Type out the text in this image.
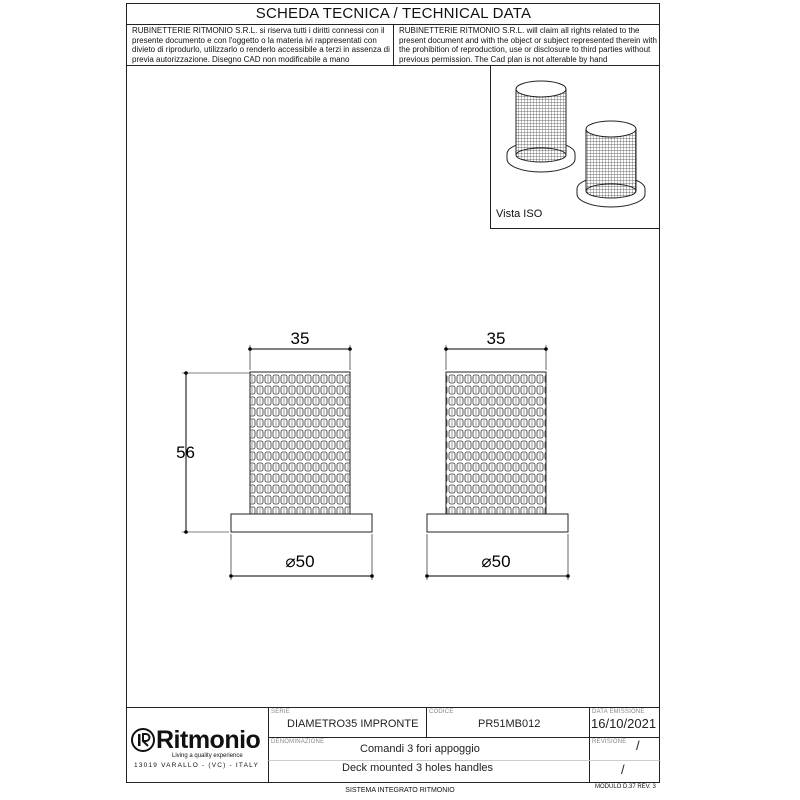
SCHEDA TECNICA / TECHNICAL DATA
RUBINETTERIE RITMONIO S.R.L. si riserva tutti i diritti connessi con il presente documento e con l'oggetto o la materia ivi rappresentati con divieto di riprodurlo, utilizzarlo o renderlo accessibile a terzi in assenza di previa autorizzazione. Disegno CAD non modificabile a mano
RUBINETTERIE RITMONIO S.R.L. will claim all rights related to the present document and with the object or subject represented therein with the prohibition of reproduction, use or disclosure to third parties without previous permission. The Cad plan is not alterable by hand
Vista ISO
35	35
56
⌀50	⌀50
Ritmonio
Living a quality experience
13019 VARALLO - (VC) - ITALY
SERIE
DIAMETRO35 IMPRONTE
CODICE
PR51MB012
DATA EMISSIONE
16/10/2021
DENOMINAZIONE
Comandi 3 fori appoggio
Deck mounted 3 holes handles
REVISIONE /
/
SISTEMA INTEGRATO RITMONIO	MODULO D.37 REV. 3
